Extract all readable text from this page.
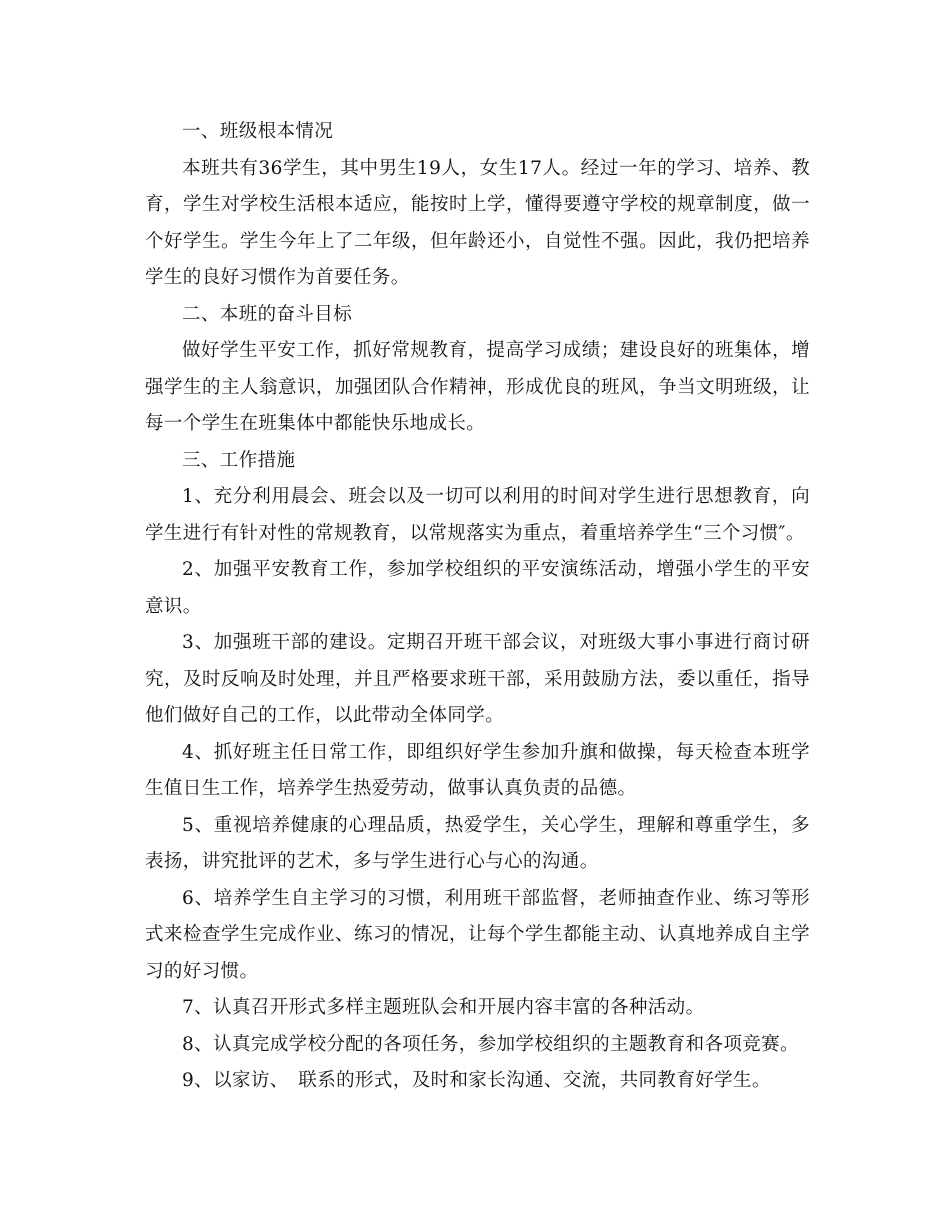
一、班级根本情况

本班共有36学生，其中男生19人，女生17人。经过一年的学习、培养、教育，学生对学校生活根本适应，能按时上学，懂得要遵守学校的规章制度，做一个好学生。学生今年上了二年级，但年龄还小，自觉性不强。因此，我仍把培养学生的良好习惯作为首要任务。

二、本班的奋斗目标

做好学生平安工作，抓好常规教育，提高学习成绩；建设良好的班集体，增强学生的主人翁意识，加强团队合作精神，形成优良的班风，争当文明班级，让每一个学生在班集体中都能快乐地成长。

三、工作措施

1、充分利用晨会、班会以及一切可以利用的时间对学生进行思想教育，向学生进行有针对性的常规教育，以常规落实为重点，着重培养学生“三个习惯″。

2、加强平安教育工作，参加学校组织的平安演练活动，增强小学生的平安意识。

3、加强班干部的建设。定期召开班干部会议，对班级大事小事进行商讨研究，及时反响及时处理，并且严格要求班干部，采用鼓励方法，委以重任，指导他们做好自己的工作，以此带动全体同学。

4、抓好班主任日常工作，即组织好学生参加升旗和做操，每天检查本班学生值日生工作，培养学生热爱劳动，做事认真负责的品德。

5、重视培养健康的心理品质，热爱学生，关心学生，理解和尊重学生，多表扬，讲究批评的艺术，多与学生进行心与心的沟通。

6、培养学生自主学习的习惯，利用班干部监督，老师抽查作业、练习等形式来检查学生完成作业、练习的情况，让每个学生都能主动、认真地养成自主学习的好习惯。

7、认真召开形式多样主题班队会和开展内容丰富的各种活动。

8、认真完成学校分配的各项任务，参加学校组织的主题教育和各项竞赛。

9、以家访、　联系的形式，及时和家长沟通、交流，共同教育好学生。
